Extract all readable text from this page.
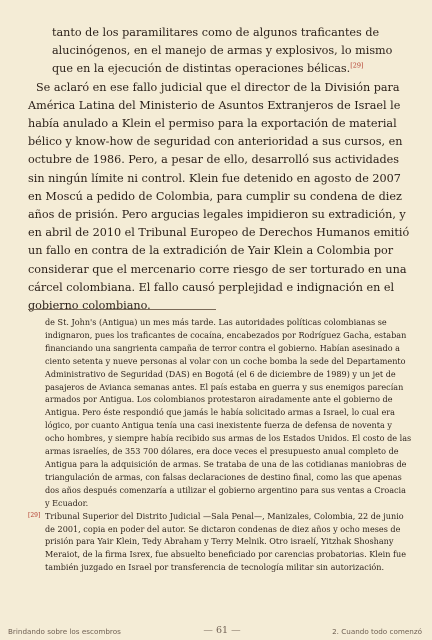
tanto de los paramilitares como de algunos traficantes de
alucinógenos, en el manejo de armas y explosivos, lo mismo
que en la ejecución de distintas operaciones bélicas.[29]

Se aclaró en ese fallo judicial que el director de la División para América Latina del Ministerio de Asuntos Extranjeros de Israel le había anulado a Klein el permiso para la exportación de material bélico y know-how de seguridad con anterioridad a sus cursos, en octubre de 1986. Pero, a pesar de ello, desarrolló sus actividades sin ningún límite ni control. Klein fue detenido en agosto de 2007 en Moscú a pedido de Colombia, para cumplir su condena de diez años de prisión. Pero argucias legales impidieron su extradición, y en abril de 2010 el Tribunal Europeo de Derechos Humanos emitió un fallo en contra de la extradición de Yair Klein a Colombia por considerar que el mercenario corre riesgo de ser torturado en una cárcel colombiana. El fallo causó perplejidad e indignación en el gobierno colombiano.

de St. John's (Antigua) un mes más tarde. Las autoridades políticas colombianas se indignaron, pues los traficantes de cocaína, encabezados por Rodríguez Gacha, estaban financiando una sangrienta campaña de terror contra el gobierno. Habían asesinado a ciento setenta y nueve personas al volar con un coche bomba la sede del Departamento Administrativo de Seguridad (DAS) en Bogotá (el 6 de diciembre de 1989) y un jet de pasajeros de Avianca semanas antes. El país estaba en guerra y sus enemigos parecían armados por Antigua. Los colombianos protestaron airadamente ante el gobierno de Antigua. Pero éste respondió que jamás le había solicitado armas a Israel, lo cual era lógico, por cuanto Antigua tenía una casi inexistente fuerza de defensa de noventa y ocho hombres, y siempre había recibido sus armas de los Estados Unidos. El costo de las armas israelíes, de 353 700 dólares, era doce veces el presupuesto anual completo de Antigua para la adquisición de armas. Se trataba de una de las cotidianas maniobras de triangulación de armas, con falsas declaraciones de destino final, como las que apenas dos años después comenzaría a utilizar el gobierno argentino para sus ventas a Croacia y Ecuador.

[29] Tribunal Superior del Distrito Judicial —Sala Penal—, Manizales, Colombia, 22 de junio de 2001, copia en poder del autor. Se dictaron condenas de diez años y ocho meses de prisión para Yair Klein, Tedy Abraham y Terry Melnik. Otro israelí, Yitzhak Shoshany Meraiot, de la firma Isrex, fue absuelto beneficiado por carencias probatorias. Klein fue también juzgado en Israel por transferencia de tecnología militar sin autorización.

Brindando sobre los escombros	— 61 —	2. Cuando todo comenzó
